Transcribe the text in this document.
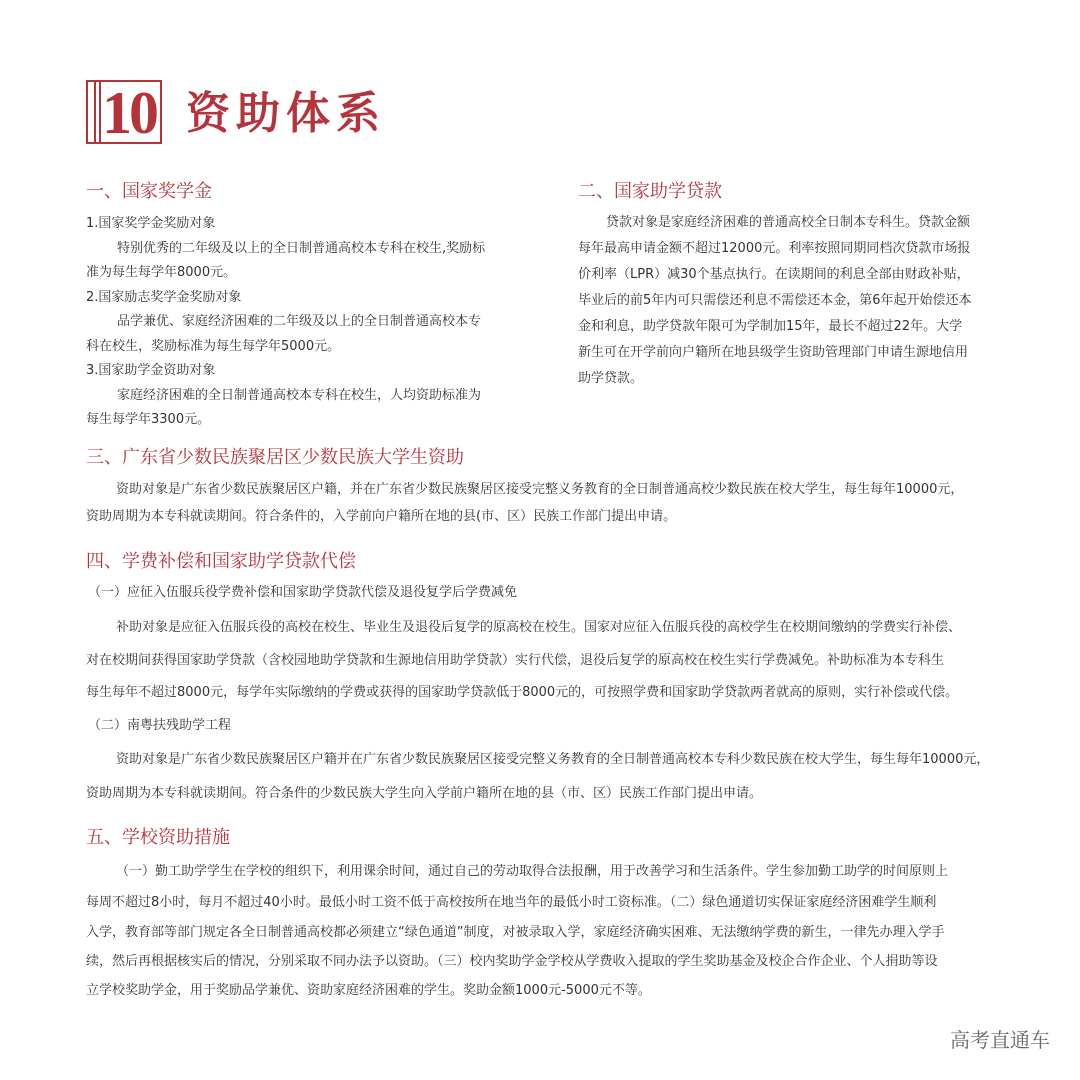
10 资助体系
一、国家奖学金
1.国家奖学金奖励对象
特别优秀的二年级及以上的全日制普通高校本专科在校生,奖励标
准为每生每学年8000元。
2.国家励志奖学金奖励对象
品学兼优、家庭经济困难的二年级及以上的全日制普通高校本专
科在校生，奖励标准为每生每学年5000元。
3.国家助学金资助对象
家庭经济困难的全日制普通高校本专科在校生，人均资助标准为
每生每学年3300元。
二、国家助学贷款
贷款对象是家庭经济困难的普通高校全日制本专科生。贷款金额
每年最高申请金额不超过12000元。利率按照同期同档次贷款市场报
价利率（LPR）减30个基点执行。在读期间的利息全部由财政补贴，
毕业后的前5年内可只需偿还利息不需偿还本金，第6年起开始偿还本
金和利息，助学贷款年限可为学制加15年，最长不超过22年。大学
新生可在开学前向户籍所在地县级学生资助管理部门申请生源地信用
助学贷款。
三、广东省少数民族聚居区少数民族大学生资助
资助对象是广东省少数民族聚居区户籍，并在广东省少数民族聚居区接受完整义务教育的全日制普通高校少数民族在校大学生，每生每年10000元，
资助周期为本专科就读期间。符合条件的，入学前向户籍所在地的县(市、区）民族工作部门提出申请。
四、学费补偿和国家助学贷款代偿
（一）应征入伍服兵役学费补偿和国家助学贷款代偿及退役复学后学费减免
补助对象是应征入伍服兵役的高校在校生、毕业生及退役后复学的原高校在校生。国家对应征入伍服兵役的高校学生在校期间缴纳的学费实行补偿、
对在校期间获得国家助学贷款（含校园地助学贷款和生源地信用助学贷款）实行代偿，退役后复学的原高校在校生实行学费减免。补助标准为本专科生
每生每年不超过8000元，每学年实际缴纳的学费或获得的国家助学贷款低于8000元的，可按照学费和国家助学贷款两者就高的原则，实行补偿或代偿。
（二）南粤扶残助学工程
资助对象是广东省少数民族聚居区户籍并在广东省少数民族聚居区接受完整义务教育的全日制普通高校本专科少数民族在校大学生，每生每年10000元，
资助周期为本专科就读期间。符合条件的少数民族大学生向入学前户籍所在地的县（市、区）民族工作部门提出申请。
五、学校资助措施
（一）勤工助学学生在学校的组织下，利用课余时间，通过自己的劳动取得合法报酬，用于改善学习和生活条件。学生参加勤工助学的时间原则上
每周不超过8小时，每月不超过40小时。最低小时工资不低于高校按所在地当年的最低小时工资标准。（二）绿色通道切实保证家庭经济困难学生顺利
入学，教育部等部门规定各全日制普通高校都必须建立“绿色通道”制度，对被录取入学，家庭经济确实困难、无法缴纳学费的新生，一律先办理入学手
续，然后再根据核实后的情况，分别采取不同办法予以资助。（三）校内奖助学金学校从学费收入提取的学生奖助基金及校企合作企业、个人捐助等设
立学校奖助学金，用于奖励品学兼优、资助家庭经济困难的学生。奖助金额1000元-5000元不等。
高考直通车
